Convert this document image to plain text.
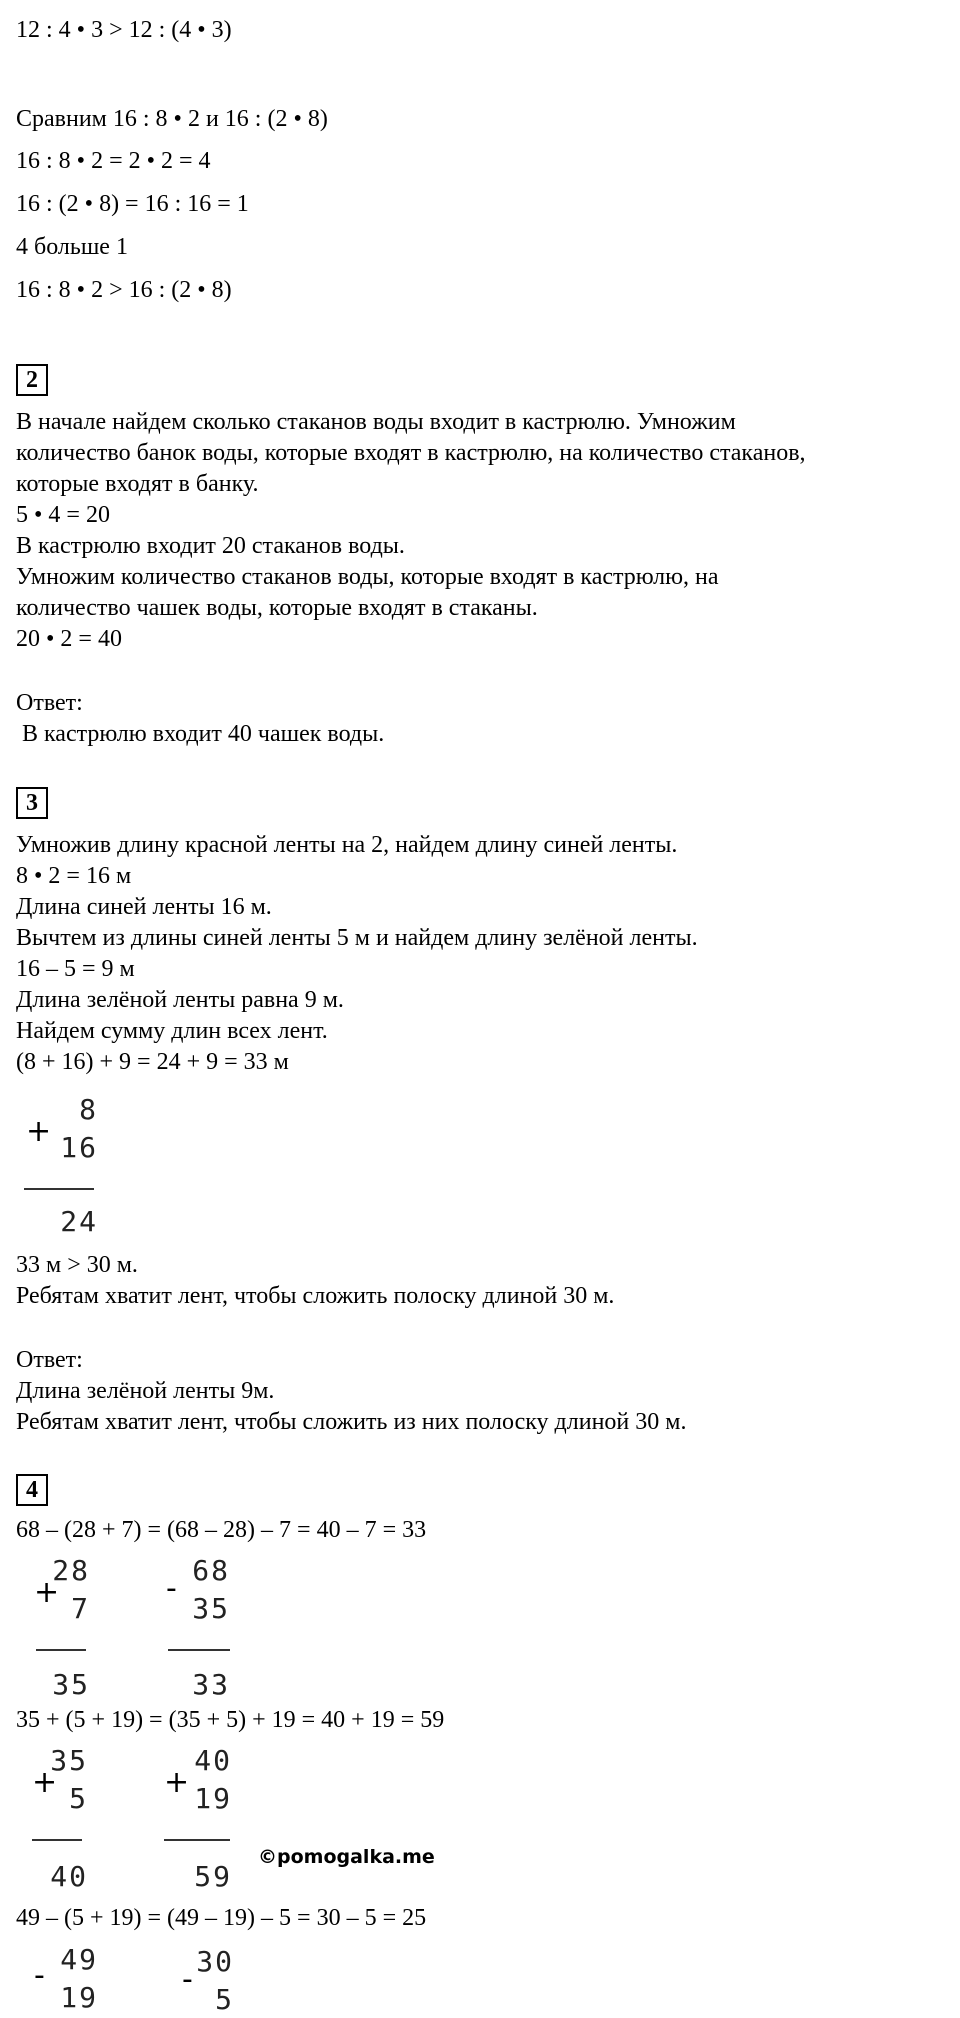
12 : 4 • 3 > 12 : (4 • 3)
Сравним 16 : 8 • 2 и 16 : (2 • 8)
16 : 8 • 2 = 2 • 2 = 4
16 : (2 • 8) = 16 : 16 = 1
4 больше 1
16 : 8 • 2 > 16 : (2 • 8)
2
В начале найдем сколько стаканов воды входит в кастрюлю. Умножим
количество банок воды, которые входят в кастрюлю, на количество стаканов,
которые входят в банку.
5 • 4 = 20
В кастрюлю входит 20 стаканов воды.
Умножим количество стаканов воды, которые входят в кастрюлю, на
количество чашек воды, которые входят в стаканы.
20 • 2 = 40
Ответ:
В кастрюлю входит 40 чашек воды.
3
Умножив длину красной ленты на 2, найдем длину синей ленты.
8 • 2 = 16 м
Длина синей ленты 16 м.
Вычтем из длины синей ленты 5 м и найдем длину зелёной ленты.
16 – 5 = 9 м
Длина зелёной ленты равна 9 м.
Найдем сумму длин всех лент.
(8 + 16) + 9 = 24 + 9 = 33 м
+
8
16
24
33 м > 30 м.
Ребятам хватит лент, чтобы сложить полоску длиной 30 м.
Ответ:
Длина зелёной ленты 9м.
Ребятам хватит лент, чтобы сложить из них полоску длиной 30 м.
4
68 – (28 + 7) = (68 – 28) – 7 = 40 – 7 = 33
+
28
7
35
-
68
35
33
35 + (5 + 19) = (35 + 5) + 19 = 40 + 19 = 59
+
35
5
40
+
40
19
59
©pomogalka.me
49 – (5 + 19) = (49 – 19) – 5 = 30 – 5 = 25
- 49
19
-
30
5
